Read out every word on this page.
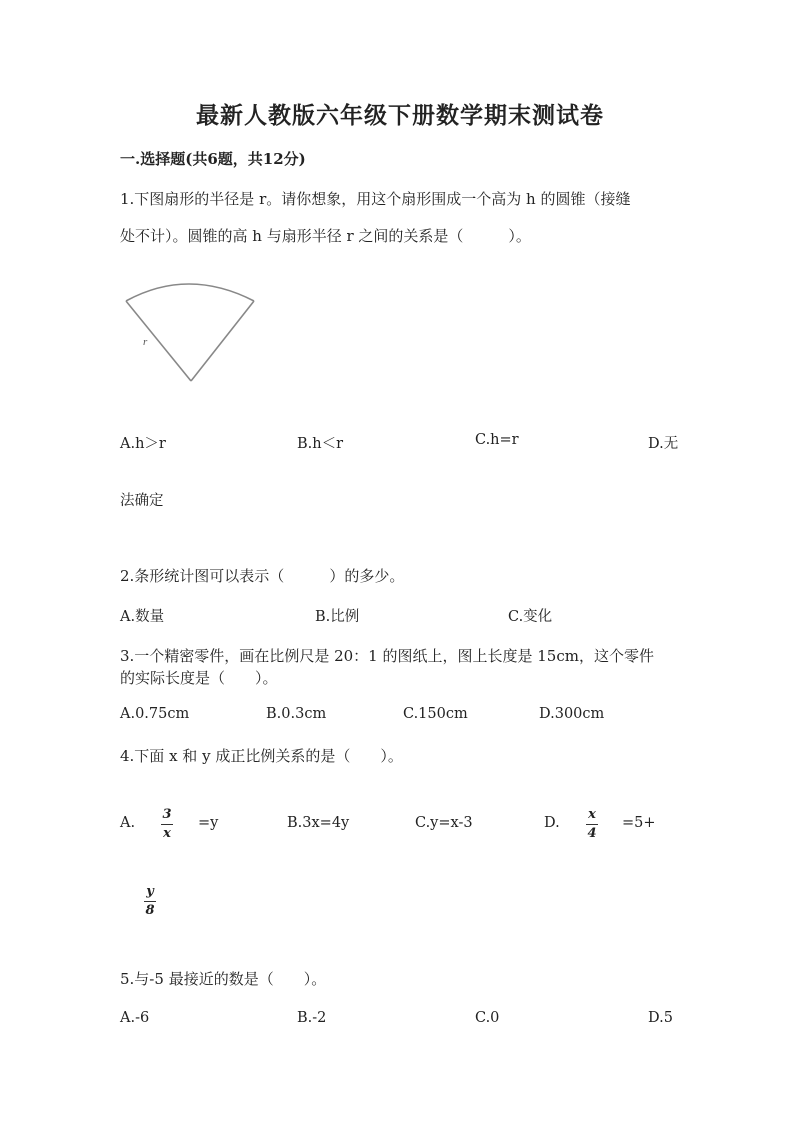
最新人教版六年级下册数学期末测试卷
一.选择题(共6题，共12分)
1.下图扇形的半径是 r。请你想象，用这个扇形围成一个高为 h 的圆锥（接缝
处不计）。圆锥的高 h 与扇形半径 r 之间的关系是（　　　）。
r
A.h＞r	B.h＜r	C.h=r	D.无
法确定
2.条形统计图可以表示（　　　）的多少。
A.数量	B.比例	C.变化
3.一个精密零件，画在比例尺是 20：1 的图纸上，图上长度是 15cm，这个零件
的实际长度是（　　）。
A.0.75cm	B.0.3cm	C.150cm	D.300cm
4.下面 x 和 y 成正比例关系的是（　　）。
A.
3
x
=y	B.3x=4y	C.y=x-3	D.
x
4
=5+
y
8
5.与-5 最接近的数是（　　）。
A.-6	B.-2	C.0	D.5
